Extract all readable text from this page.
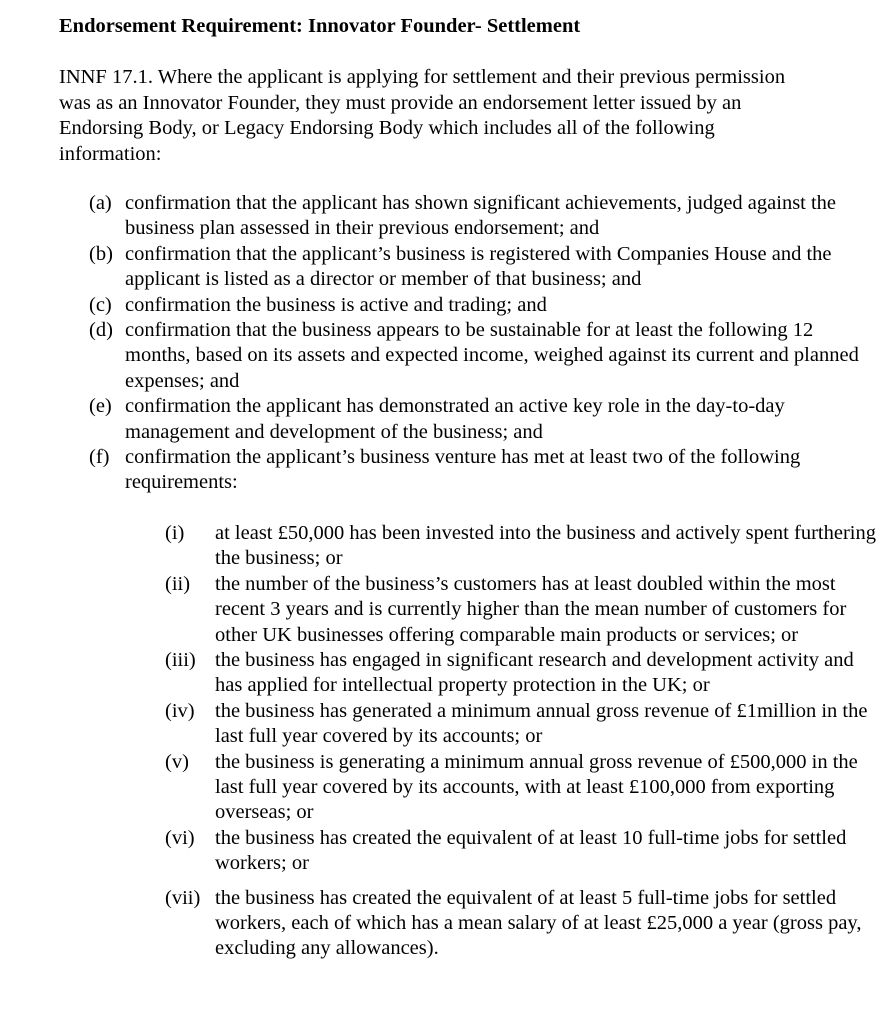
Endorsement Requirement: Innovator Founder- Settlement

INNF 17.1. Where the applicant is applying for settlement and their previous permission was as an Innovator Founder, they must provide an endorsement letter issued by an Endorsing Body, or Legacy Endorsing Body which includes all of the following information:

(a) confirmation that the applicant has shown significant achievements, judged against the business plan assessed in their previous endorsement; and
(b) confirmation that the applicant’s business is registered with Companies House and the applicant is listed as a director or member of that business; and
(c) confirmation the business is active and trading; and
(d) confirmation that the business appears to be sustainable for at least the following 12 months, based on its assets and expected income, weighed against its current and planned expenses; and
(e) confirmation the applicant has demonstrated an active key role in the day-to-day management and development of the business; and
(f) confirmation the applicant’s business venture has met at least two of the following requirements:
(i) at least £50,000 has been invested into the business and actively spent furthering the business; or
(ii) the number of the business’s customers has at least doubled within the most recent 3 years and is currently higher than the mean number of customers for other UK businesses offering comparable main products or services; or
(iii) the business has engaged in significant research and development activity and has applied for intellectual property protection in the UK; or
(iv) the business has generated a minimum annual gross revenue of £1million in the last full year covered by its accounts; or
(v) the business is generating a minimum annual gross revenue of £500,000 in the last full year covered by its accounts, with at least £100,000 from exporting overseas; or
(vi) the business has created the equivalent of at least 10 full-time jobs for settled workers; or
(vii) the business has created the equivalent of at least 5 full-time jobs for settled workers, each of which has a mean salary of at least £25,000 a year (gross pay, excluding any allowances).
